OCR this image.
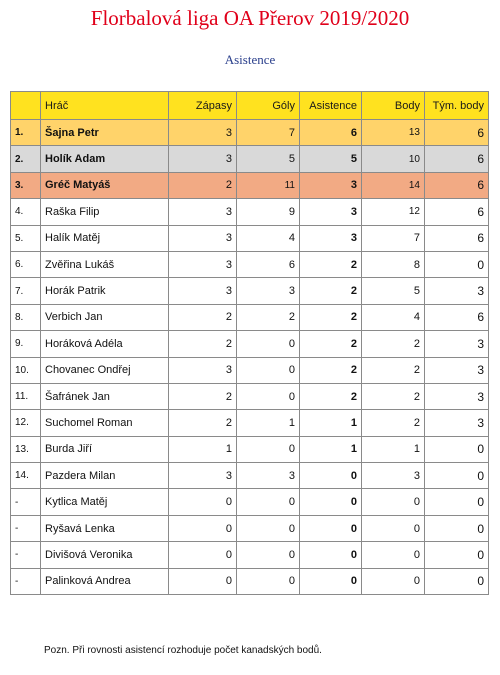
Florbalová liga OA Přerov 2019/2020
Asistence
	Hráč	Zápasy	Góly	Asistence	Body	Tým. body
1.	Šajna Petr	3	7	6	13	6
2.	Holík Adam	3	5	5	10	6
3.	Gréč Matyáš	2	11	3	14	6
4.	Raška Filip	3	9	3	12	6
5.	Halík Matěj	3	4	3	7	6
6.	Zvěřina Lukáš	3	6	2	8	0
7.	Horák Patrik	3	3	2	5	3
8.	Verbich Jan	2	2	2	4	6
9.	Horáková Adéla	2	0	2	2	3
10.	Chovanec Ondřej	3	0	2	2	3
11.	Šafránek Jan	2	0	2	2	3
12.	Suchomel Roman	2	1	1	2	3
13.	Burda Jiří	1	0	1	1	0
14.	Pazdera Milan	3	3	0	3	0
-	Kytlica Matěj	0	0	0	0	0
-	Ryšavá Lenka	0	0	0	0	0
-	Divišová Veronika	0	0	0	0	0
-	Palinková Andrea	0	0	0	0	0
Pozn. Při rovnosti asistencí rozhoduje počet kanadských bodů.
